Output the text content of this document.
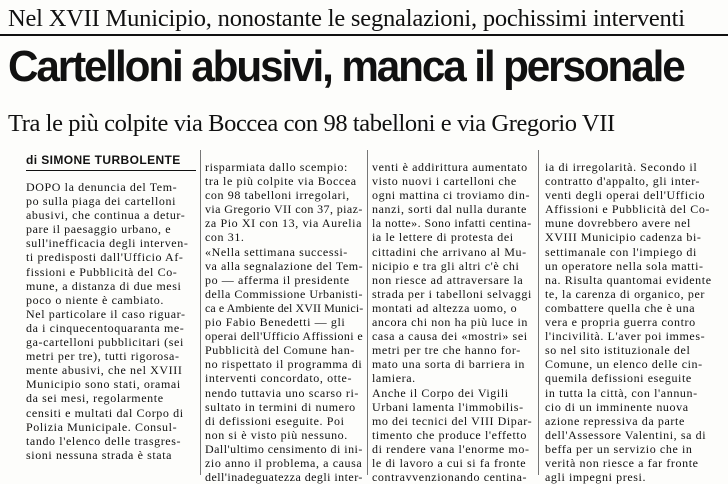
Nel XVII Municipio, nonostante le segnalazioni, pochissimi interventi
Cartelloni abusivi, manca il personale
Tra le più colpite via Boccea con 98 tabelloni e via Gregorio VII
di SIMONE TURBOLENTE
DOPO la denuncia del Tem-
po sulla piaga dei cartelloni
abusivi, che continua a detur-
pare il paesaggio urbano, e
sull'inefficacia degli interven-
ti predisposti dall'Ufficio Af-
fissioni e Pubblicità del Co-
mune, a distanza di due mesi
poco o niente è cambiato.
Nel particolare il caso riguar-
da i cinquecentoquaranta me-
ga-cartelloni pubblicitari (sei
metri per tre), tutti rigorosa-
mente abusivi, che nel XVIII
Municipio sono stati, oramai
da sei mesi, regolarmente
censiti e multati dal Corpo di
Polizia Municipale. Consul-
tando l'elenco delle trasgres-
sioni nessuna strada è stata
risparmiata dallo scempio:
tra le più colpite via Boccea
con 98 tabelloni irregolari,
via Gregorio VII con 37, piaz-
za Pio XI con 13, via Aurelia
con 31.
«Nella settimana successi-
va alla segnalazione del Tem-
po — afferma il presidente
della Commissione Urbanisti-
ca e Ambiente del XVII Munici-
pio Fabio Benedetti — gli
operai dell'Ufficio Affissioni e
Pubblicità del Comune han-
no rispettato il programma di
interventi concordato, otte-
nendo tuttavia uno scarso ri-
sultato in termini di numero
di defissioni eseguite. Poi
non si è visto più nessuno.
Dall'ultimo censimento di ini-
zio anno il problema, a causa
dell'inadeguatezza degli inter-
venti è addirittura aumentato
visto nuovi i cartelloni che
ogni mattina ci troviamo din-
nanzi, sorti dal nulla durante
la notte». Sono infatti centina-
ia le lettere di protesta dei
cittadini che arrivano al Mu-
nicipio e tra gli altri c'è chi
non riesce ad attraversare la
strada per i tabelloni selvaggi
montati ad altezza uomo, o
ancora chi non ha più luce in
casa a causa dei «mostri» sei
metri per tre che hanno for-
mato una sorta di barriera in
lamiera.
Anche il Corpo dei Vigili
Urbani lamenta l'immobilis-
mo dei tecnici del VIII Dipar-
timento che produce l'effetto
di rendere vana l'enorme mo-
le di lavoro a cui si fa fronte
contravvenzionando centina-
ia di irregolarità. Secondo il
contratto d'appalto, gli inter-
venti degli operai dell'Ufficio
Affissioni e Pubblicità del Co-
mune dovrebbero avere nel
XVIII Municipio cadenza bi-
settimanale con l'impiego di
un operatore nella sola matti-
na. Risulta quantomai evidente
te, la carenza di organico, per
combattere quella che è una
vera e propria guerra contro
l'incivilità. L'aver poi immes-
so nel sito istituzionale del
Comune, un elenco delle cin-
quemila defissioni eseguite
in tutta la città, con l'annun-
cio di un imminente nuova
azione repressiva da parte
dell'Assessore Valentini, sa di
beffa per un servizio che in
verità non riesce a far fronte
agli impegni presi.
